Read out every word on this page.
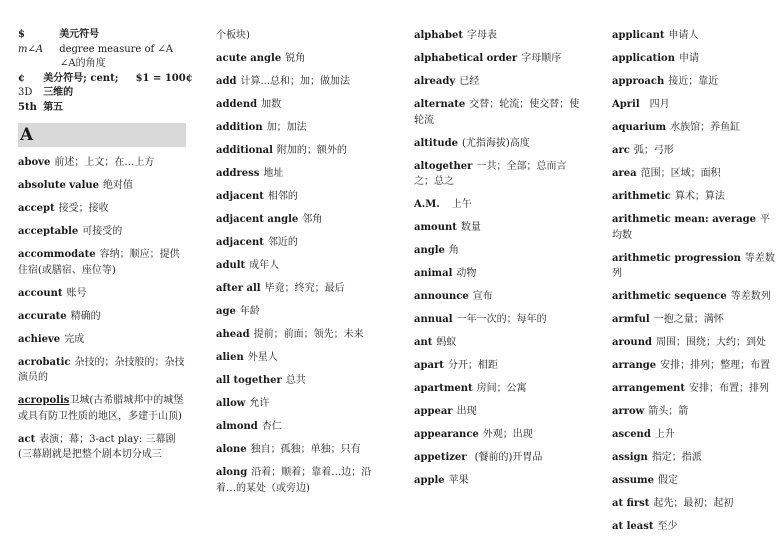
$	美元符号
m∠A degree measure of ∠A
∠A的角度
¢ 美分符号; cent; $1 = 100¢
3D 三维的
5th 第五
A
above 前述；上文；在…上方
absolute value 绝对值
accept 接受；接收
acceptable 可接受的
accommodate 容纳；顺应；提供住宿(或膳宿、座位等)
account 账号
accurate 精确的
achieve 完成
acrobatic 杂技的；杂技般的；杂技演员的
acropolis卫城(古希腊城邦中的城堡或具有防卫性质的地区，多建于山顶)
act 表演；幕；3-act play: 三幕剧(三幕剧就是把整个剧本切分成三
个板块)
acute angle 锐角
add 计算...总和；加；做加法
addend 加数
addition 加；加法
additional 附加的；额外的
address 地址
adjacent 相邻的
adjacent angle 邻角
adjacent 邻近的
adult 成年人
after all 毕竟；终究；最后
age 年龄
ahead 提前；前面；领先；未来
alien 外星人
all together 总共
allow 允许
almond 杏仁
alone 独自；孤独；单独；只有
along 沿着；顺着；靠着…边；沿着…的某处（或旁边)
alphabet 字母表
alphabetical order 字母顺序
already 已经
alternate 交替；轮流；使交替；使轮流
altitude (尤指海拔)高度
altogether 一共；全部；总而言之；总之
A.M. 上午
amount 数量
angle 角
animal 动物
announce 宣布
annual 一年一次的；每年的
ant 蚂蚁
apart 分开；相距
apartment 房间；公寓
appear 出现
appearance 外观；出现
appetizer (餐前的)开胃品
apple 苹果
applicant 申请人
application 申请
approach 接近；靠近
April 四月
aquarium 水族馆；养鱼缸
arc 弧；弓形
area 范围；区域；面积
arithmetic 算术；算法
arithmetic mean: average 平均数
arithmetic progression 等差数列
arithmetic sequence 等差数列
armful 一抱之量；满怀
around 周围；围绕；大约；到处
arrange 安排；排列；整理；布置
arrangement 安排；布置；排列
arrow 箭头；箭
ascend 上升
assign 指定；指派
assume 假定
at first 起先；最初；起初
at least 至少
